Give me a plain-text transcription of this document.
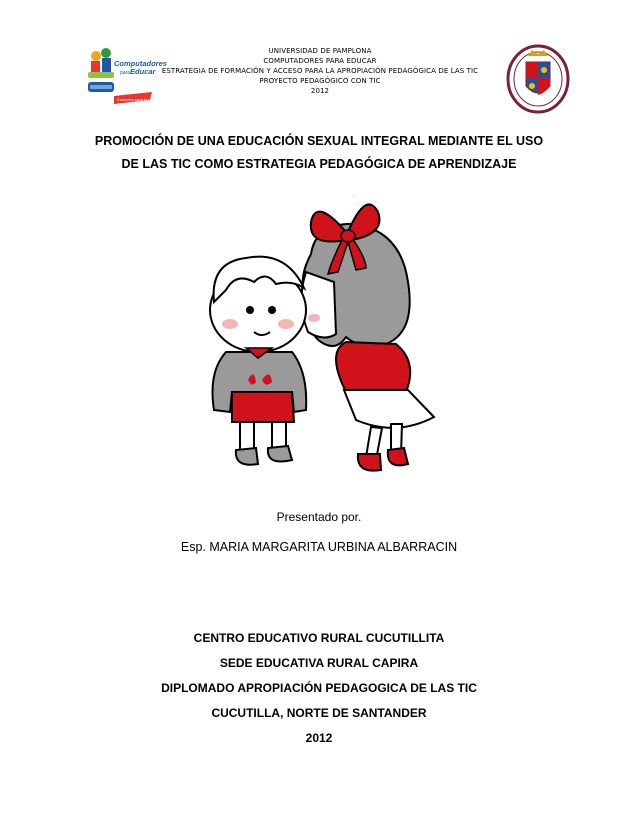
Computadores
para Educar
Conexión para la vida
UNIVERSIDAD DE PAMPLONA
COMPUTADORES PARA EDUCAR
ESTRATEGIA DE FORMACIÓN Y ACCESO PARA LA APROPIACIÓN PEDAGÓGICA DE LAS TIC
PROYECTO PEDAGÓGICO CON TIC
2012
PROMOCIÓN DE UNA EDUCACIÓN SEXUAL INTEGRAL MEDIANTE EL USO
DE LAS TIC COMO ESTRATEGIA PEDAGÓGICA DE APRENDIZAJE
Presentado por.
Esp. MARIA MARGARITA URBINA ALBARRACIN
CENTRO EDUCATIVO RURAL CUCUTILLITA
SEDE EDUCATIVA RURAL CAPIRA
DIPLOMADO APROPIACIÓN PEDAGOGICA DE LAS TIC
CUCUTILLA, NORTE DE SANTANDER
2012
